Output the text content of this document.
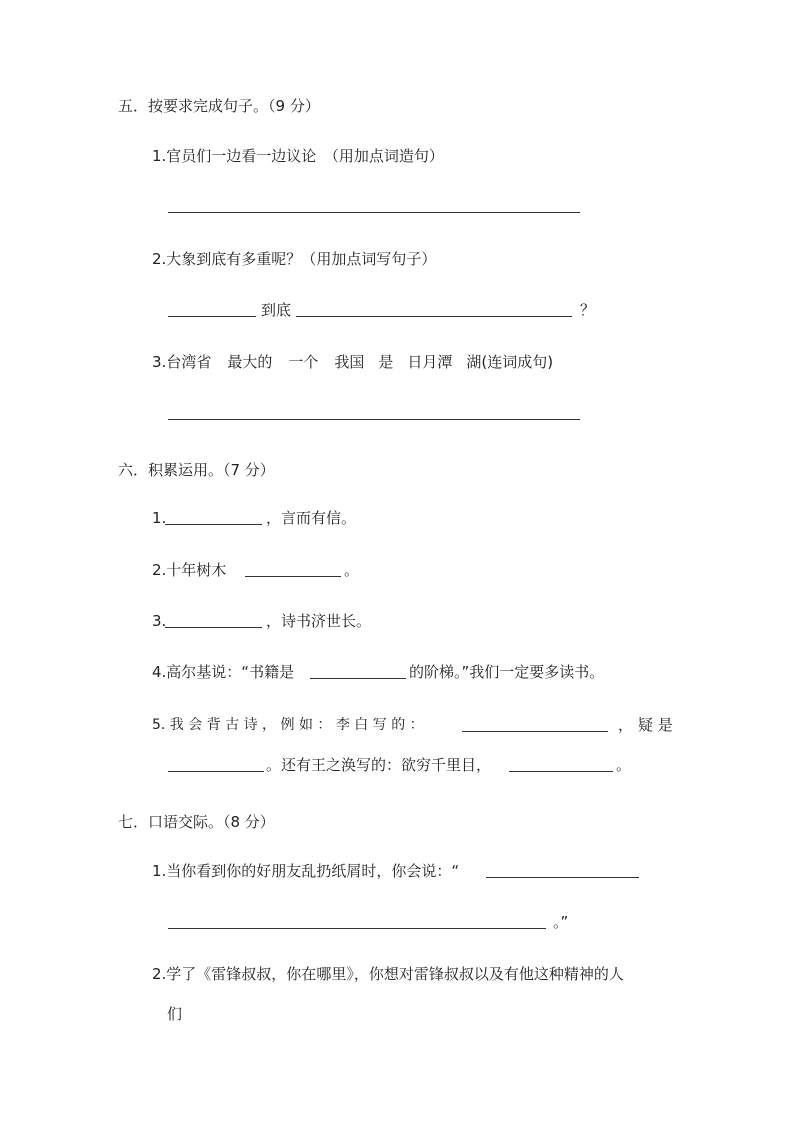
五．按要求完成句子。（9 分）
1.官员们一边看一边议论　（用加点词造句）
2.大象到底有多重呢？（用加点词写句子）
到底	？
3.台湾省 最大的 一个 我国 是 日月潭 湖(连词成句)
六．积累运用。（7 分）
1.	，言而有信。
2.十年树木	。
3.	，诗书济世长。
4.高尔基说：“书籍是	的阶梯。”我们一定要多读书。
5. 我 会 背 古 诗 ， 例 如 ： 李 白 写 的 ：	， 疑 是
。还有王之涣写的：欲穷千里目，	。
七．口语交际。（8 分）
1.当你看到你的好朋友乱扔纸屑时，你会说：“
。”
2.学了《雷锋叔叔，你在哪里》，你想对雷锋叔叔以及有他这种精神的人
们
